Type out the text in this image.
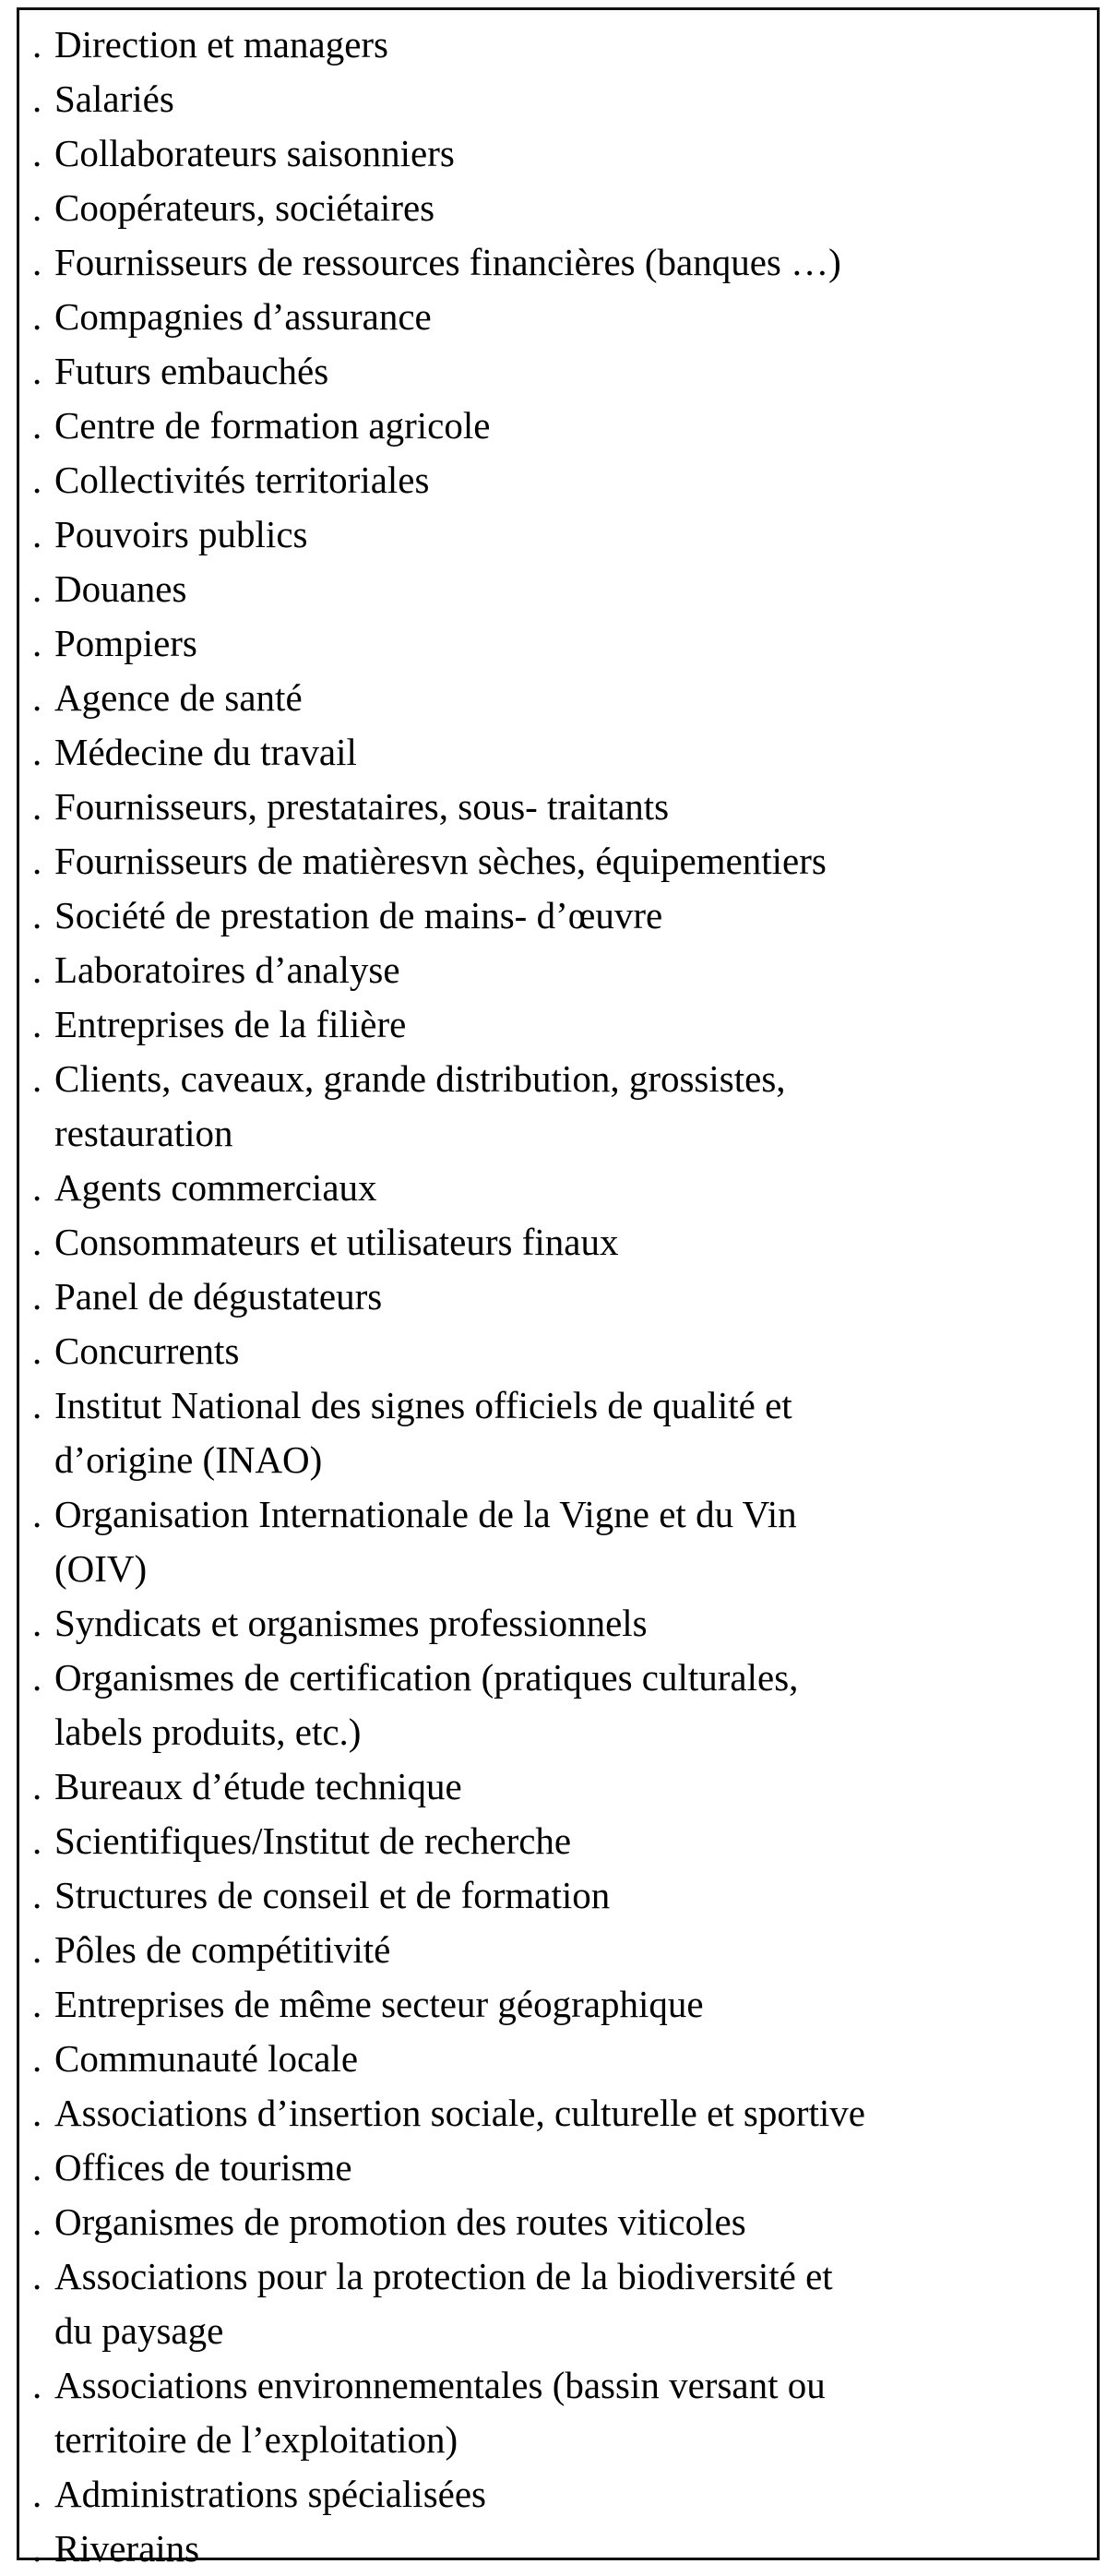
. Direction et managers
. Salariés
. Collaborateurs saisonniers
. Coopérateurs, sociétaires
. Fournisseurs de ressources financières (banques …)
. Compagnies d’assurance
. Futurs embauchés
. Centre de formation agricole
. Collectivités territoriales
. Pouvoirs publics
. Douanes
. Pompiers
. Agence de santé
. Médecine du travail
. Fournisseurs, prestataires, sous- traitants
. Fournisseurs de matièresvn sèches, équipementiers
. Société de prestation de mains- d’œuvre
. Laboratoires d’analyse
. Entreprises de la filière
. Clients, caveaux, grande distribution, grossistes,
restauration
. Agents commerciaux
. Consommateurs et utilisateurs finaux
. Panel de dégustateurs
. Concurrents
. Institut National des signes officiels de qualité et
d’origine (INAO)
. Organisation Internationale de la Vigne et du Vin
(OIV)
. Syndicats et organismes professionnels
. Organismes de certification (pratiques culturales,
labels produits, etc.)
. Bureaux d’étude technique
. Scientifiques/Institut de recherche
. Structures de conseil et de formation
. Pôles de compétitivité
. Entreprises de même secteur géographique
. Communauté locale
. Associations d’insertion sociale, culturelle et sportive
. Offices de tourisme
. Organismes de promotion des routes viticoles
. Associations pour la protection de la biodiversité et
du paysage
. Associations environnementales (bassin versant ou
territoire de l’exploitation)
. Administrations spécialisées
. Riverains
